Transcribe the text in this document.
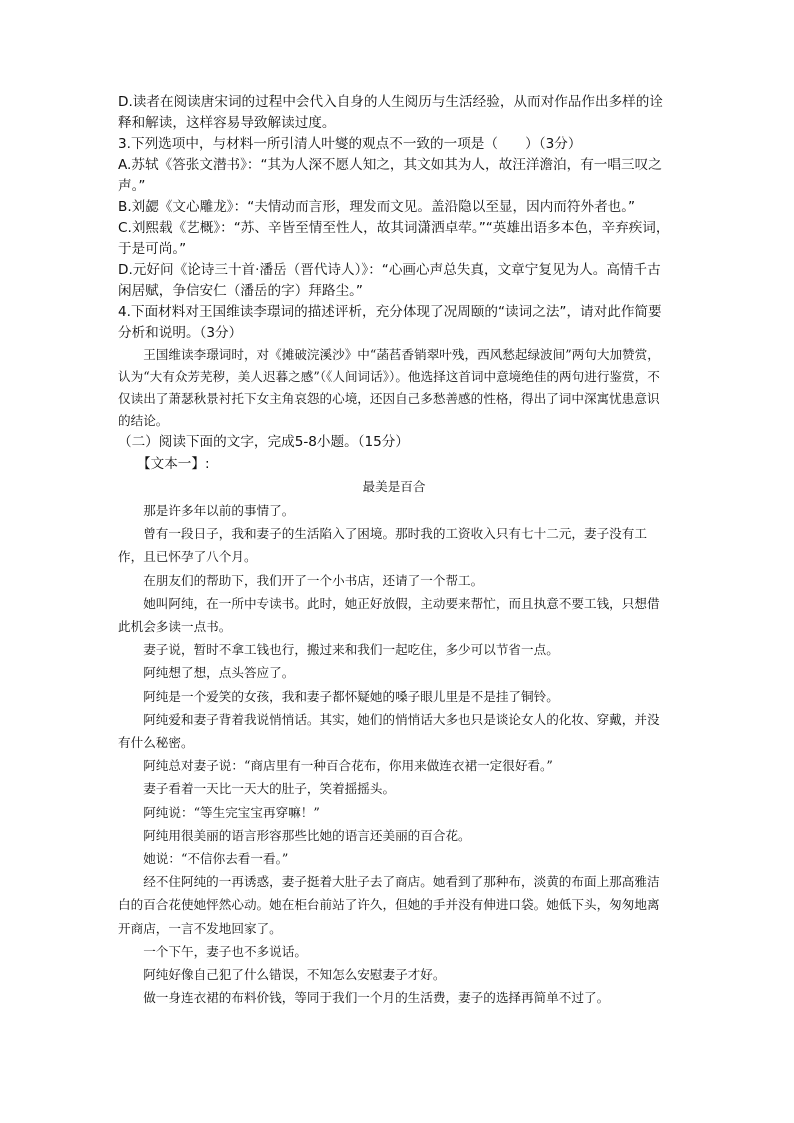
D.读者在阅读唐宋词的过程中会代入自身的人生阅历与生活经验，从而对作品作出多样的诠释和解读，这样容易导致解读过度。

3.下列选项中，与材料一所引清人叶燮的观点不一致的一项是（　　）（3分）

A.苏轼《答张文潜书》：“其为人深不愿人知之，其文如其为人，故汪洋澹泊，有一唱三叹之声。”

B.刘勰《文心雕龙》：“夫情动而言形，理发而文见。盖沿隐以至显，因内而符外者也。”

C.刘熙载《艺概》：“苏、辛皆至情至性人，故其词潇洒卓荦。”“英雄出语多本色，辛弃疾词，于是可尚。”

D.元好问《论诗三十首·潘岳（晋代诗人）》：“心画心声总失真，文章宁复见为人。高情千古闲居赋，争信安仁（潘岳的字）拜路尘。”

4.下面材料对王国维读李璟词的描述评析，充分体现了况周颐的“读词之法”，请对此作简要分析和说明。（3分）

王国维读李璟词时，对《摊破浣溪沙》中“菡萏香销翠叶残，西风愁起绿波间”两句大加赞赏，认为“大有众芳芜秽，美人迟暮之感”（《人间词话》）。他选择这首词中意境绝佳的两句进行鉴赏，不仅读出了萧瑟秋景衬托下女主角哀怨的心境，还因自己多愁善感的性格，得出了词中深寓忧患意识的结论。

（二）阅读下面的文字，完成5-8小题。（15分）

【文本一】:

最美是百合

那是许多年以前的事情了。

曾有一段日子，我和妻子的生活陷入了困境。那时我的工资收入只有七十二元，妻子没有工作，且已怀孕了八个月。

在朋友们的帮助下，我们开了一个小书店，还请了一个帮工。

她叫阿纯，在一所中专读书。此时，她正好放假，主动要来帮忙，而且执意不要工钱，只想借此机会多读一点书。

妻子说，暂时不拿工钱也行，搬过来和我们一起吃住，多少可以节省一点。

阿纯想了想，点头答应了。

阿纯是一个爱笑的女孩，我和妻子都怀疑她的嗓子眼儿里是不是挂了铜铃。

阿纯爱和妻子背着我说悄悄话。其实，她们的悄悄话大多也只是谈论女人的化妆、穿戴，并没有什么秘密。

阿纯总对妻子说：“商店里有一种百合花布，你用来做连衣裙一定很好看。”

妻子看着一天比一天大的肚子，笑着摇摇头。

阿纯说：“等生完宝宝再穿嘛！”

阿纯用很美丽的语言形容那些比她的语言还美丽的百合花。

她说：“不信你去看一看。”

经不住阿纯的一再诱惑，妻子挺着大肚子去了商店。她看到了那种布，淡黄的布面上那高雅洁白的百合花使她怦然心动。她在柜台前站了许久，但她的手并没有伸进口袋。她低下头，匆匆地离开商店，一言不发地回家了。

一个下午，妻子也不多说话。

阿纯好像自己犯了什么错误，不知怎么安慰妻子才好。

做一身连衣裙的布料价钱，等同于我们一个月的生活费，妻子的选择再简单不过了。
